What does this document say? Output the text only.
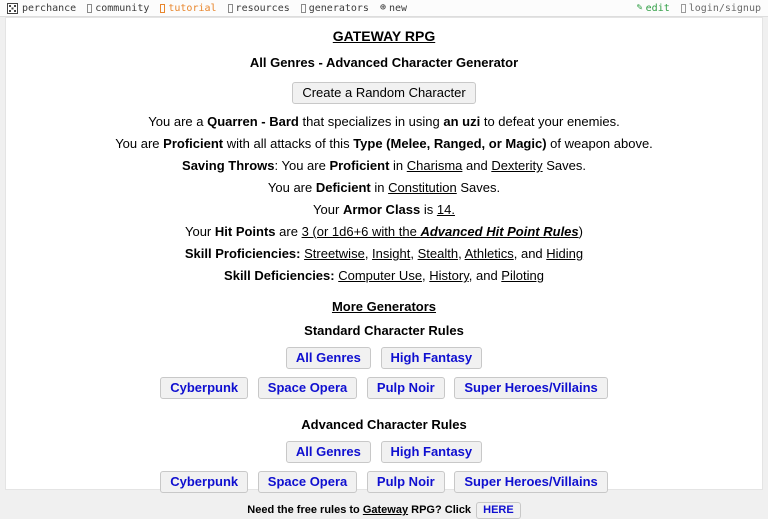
perchance community tutorial resources generators ⊕ new	✎ edit login/signup
GATEWAY RPG
All Genres - Advanced Character Generator
Create a Random Character

You are a Quarren - Bard that specializes in using an uzi to defeat your enemies.

You are Proficient with all attacks of this Type (Melee, Ranged, or Magic) of weapon above.

Saving Throws: You are Proficient in Charisma and Dexterity Saves.

You are Deficient in Constitution Saves.

Your Armor Class is 14.

Your Hit Points are 3 (or 1d6+6 with the Advanced Hit Point Rules)

Skill Proficiencies: Streetwise, Insight, Stealth, Athletics, and Hiding

Skill Deficiencies: Computer Use, History, and Piloting

More Generators
Standard Character Rules
All Genres High Fantasy
Cyberpunk Space Opera Pulp Noir Super Heroes/Villains
Advanced Character Rules
All Genres High Fantasy
Cyberpunk Space Opera Pulp Noir Super Heroes/Villains
Need the free rules to Gateway RPG? Click HERE
